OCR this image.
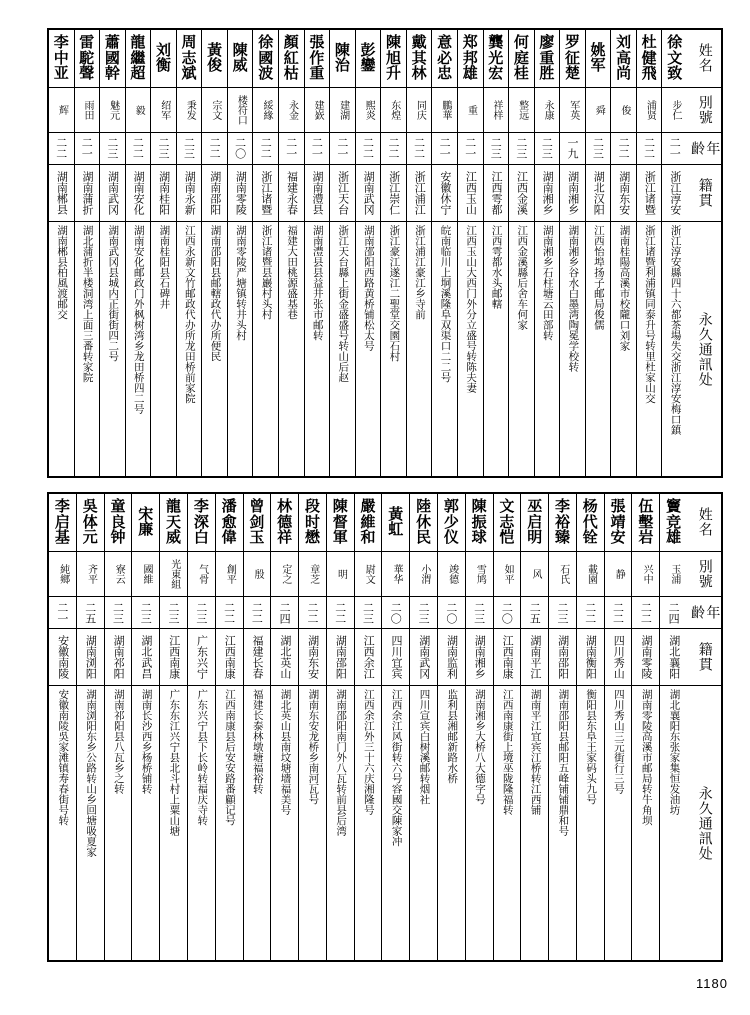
姓名
別號
年齡
籍貫
永久通訊处
徐文致
步仁
二一
浙江淳安
浙江淳安縣四十六都茶場失交浙江淳安梅口鎮
杜健飛
浦贤
二二
浙江诸暨
浙江诸暨利浦镇同泰升号转里杜家山交
刘高尚
俊
二二
湖南东安
湖南桂陽高溪市校隴口刘家
姚军
舜
二三
湖北汉阳
江西怡埠扬子邮局俊儒
罗征楚
军英
一九
湖南湘乡
湖南湘乡谷水白墨湾陶冕学校转
廖重胜
永康
二三
湖南湘乡
湖南湘乡石柱塘云田部转
何庭桂
整远
二三
江西金溪
江西金溪縣后舍车何家
龔光宏
祥样
二三
江西雩都
江西雩都水头邮轄
郑邦雄
重
二一
江西玉山
江西玉山大西门外分立盛号转陈夫妻
意必忠
鵬華
二一
安徽休宁
皖南临川上垌溪隆阜双渠口二二号
戴其林
同庆
二二
浙江浦江
浙江浦江豪江乡寺前
陳旭升
东煌
二二
浙江崇仁
浙江豪江遂江二聖堂交園石村
彭鑾
熙炎
二二
湖南武冈
湖南邵阳西路黄桥铺松太号
陳治
建湖
二一
浙江天台
浙江天台縣上街金盛盛号转山后赵
張作重
建嶔
二一
湖南澧县
湖南澧县县益井张市邮转
顏紅枯
永金
二一
福建永春
福建大田桃源盛基巷
徐國波
綏緣
二二
浙江诸暨
浙江诸暨县巖村头村
陳威
楼符口
二〇
湖南零陵
湖南零陵严塘镇转井头村
黃俊
宗文
二二
湖南邵阳
湖南邵阳县邮轄政代办所便民
周志斌
秉发
二三
湖南永新
江西永新文竹邮政代办所龙田桥前家院
刘衡
绍军
二三
湖南桂阳
湖南桂阳县石碑井
龍繼超
毅
二二
湖南安化
湖南安化邮政门外枫树湾乡龙田桥四二号
蕭國幹
魅元
二三
湖南武冈
湖南武冈县城内正街街四二号
雷駝聲
雨田
二一
湖南蒲折
湖北蒲折半楼洞湾上面三番转家院
李中亚
辉
二二
湖南郴县
湖南郴县柏風渡邮交
姓名
別號
年齡
籍貫
永久通訊处
竇竞雄
玉浦
二四
湖北襄阳
湖北襄阳东张家集恒发油坊
伍墼岩
兴中
二二
湖南零陵
湖南零陵高溪市邮局转牛角坝
張靖安
静
二二
四川秀山
四川秀山三元街行三号
杨代铨
載園
二二
湖南衡阳
衡阳县东阜王家码头九号
李裕臻
石氏
二三
湖南邵阳
湖南邵阳县邮阳五峰铺铺鼎和号
巫启明
风
二五
湖南平江
湖南平江宜宾江桥转江西铺
文志恺
如平
二〇
江西南康
江西南康街上境巫陇隆福转
陳振球
雪鸠
二三
湖南湘乡
湖南湘乡大桥八大德字号
郭少仪
竣德
二〇
湖南监利
监利县湘邮新路水桥
陸休民
小渭
二三
湖南武冈
四川宣宾白树溪邮转烟社
黃虹
華华
二〇
四川宜宾
江西余江风街转六号容國交陳家冲
嚴維和
尉文
二三
江西余江
江西余江外三十六庆湘隆号
陳督軍
明
二二
湖南邵阳
湖南邵阳南门外八瓦转前县后湾
段时懋
章芝
二二
湖南东安
湖南东安龙桥乡南河瓦号
林德祥
定之
二四
湖北英山
湖北英山县南坟塘墻福美号
曾剑玉
殷
二二
福建长春
福建长泰林墩塘福裕转
潘愈偉
創平
二二
江西南康
江西南康县后安安路番顧记号
李深白
气骨
二三
广东兴宁
广东兴宁县下长岭转福庆寺转
龍天威
光東組
二三
江西南康
广东东江兴宁县北斗村上粟山塘
宋廉
國維
二三
湖北武昌
湖南长沙西乡杨桥铺转
童良钟
寮云
二三
湖南祁阳
湖南祁阳县八瓦乡之转
吳体元
齐平
二五
湖南浏阳
湖南浏阳东乡公路转山乡回塘吸夏家
李启基
純鄉
二一
安徽南陵
安徽南陵吳家滩镇寿春街号转
1180
